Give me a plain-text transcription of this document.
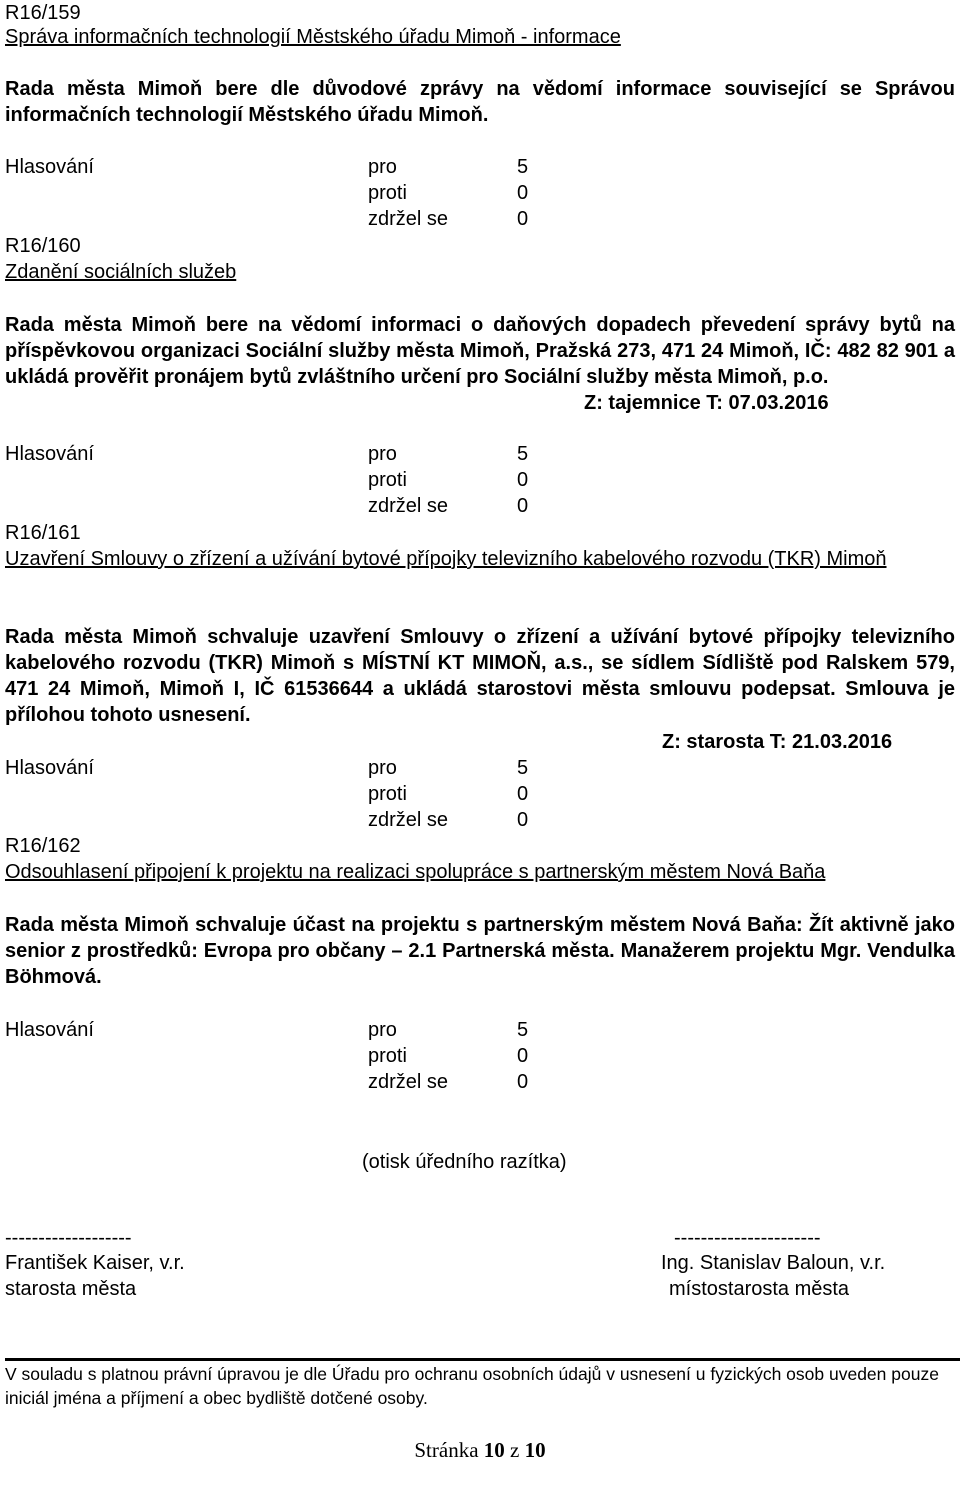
R16/159
Správa informačních technologií Městského úřadu Mimoň - informace
Rada města Mimoň bere dle důvodové zprávy na vědomí informace související se Správou informačních technologií Městského úřadu Mimoň.
Hlasování	pro	5
proti	0
zdržel se	0
R16/160
Zdanění sociálních služeb
Rada města Mimoň bere na vědomí informaci o daňových dopadech převedení správy bytů na příspěvkovou organizaci Sociální služby města Mimoň, Pražská 273, 471 24 Mimoň, IČ: 482 82 901 a ukládá prověřit pronájem bytů zvláštního určení pro Sociální služby města Mimoň, p.o.
Z: tajemnice T: 07.03.2016
Hlasování	pro	5
proti	0
zdržel se	0
R16/161
Uzavření Smlouvy o zřízení a užívání bytové přípojky televizního kabelového rozvodu (TKR) Mimoň
Rada města Mimoň schvaluje uzavření Smlouvy o zřízení a užívání bytové přípojky televizního kabelového rozvodu (TKR) Mimoň s MÍSTNÍ KT MIMOŇ, a.s., se sídlem Sídliště pod Ralskem 579, 471 24 Mimoň, Mimoň I, IČ 61536644 a ukládá starostovi města smlouvu podepsat. Smlouva je přílohou tohoto usnesení.
Z: starosta T: 21.03.2016
Hlasování	pro	5
proti	0
zdržel se	0
R16/162
Odsouhlasení připojení k projektu na realizaci spolupráce s partnerským městem Nová Baňa
Rada města Mimoň schvaluje účast na projektu s partnerským městem Nová Baňa: Žít aktivně jako senior z prostředků: Evropa pro občany – 2.1 Partnerská města. Manažerem projektu Mgr. Vendulka Böhmová.
Hlasování	pro	5
proti	0
zdržel se	0
(otisk úředního razítka)
-------------------
František Kaiser, v.r.
starosta města
----------------------
Ing. Stanislav Baloun, v.r.
místostarosta města
V souladu s platnou právní úpravou je dle Úřadu pro ochranu osobních údajů v usnesení u fyzických osob uveden pouze iniciál jména a příjmení a obec bydliště dotčené osoby.
Stránka 10 z 10
